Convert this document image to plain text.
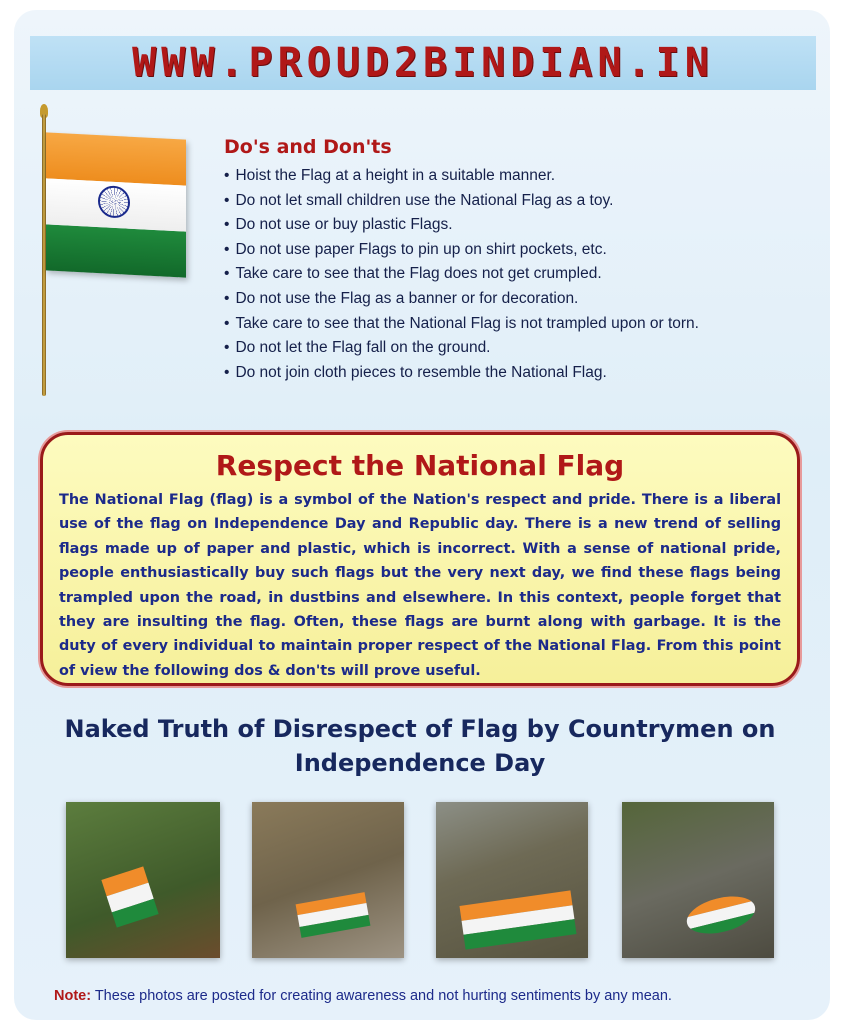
WWW.PROUD2BINDIAN.IN
Do's and Don'ts
• Hoist the Flag at a height in a suitable manner.
• Do not let small children use the National Flag as a toy.
• Do not use or buy plastic Flags.
• Do not use paper Flags to pin up on shirt pockets, etc.
• Take care to see that the Flag does not get crumpled.
• Do not use the Flag as a banner or for decoration.
• Take care to see that the National Flag is not trampled upon or torn.
• Do not let the Flag fall on the ground.
• Do not join cloth pieces to resemble the National Flag.
Respect the National Flag

The National Flag (flag) is a symbol of the Nation's respect and pride. There is a liberal use of the flag on Independence Day and Republic day. There is a new trend of selling flags made up of paper and plastic, which is incorrect. With a sense of national pride, people enthusiastically buy such flags but the very next day, we find these flags being trampled upon the road, in dustbins and elsewhere. In this context, people forget that they are insulting the flag. Often, these flags are burnt along with garbage. It is the duty of every individual to maintain proper respect of the National Flag. From this point of view the following dos & don'ts will prove useful.

Naked Truth of Disrespect of Flag by Countrymen on
Independence Day
Note: These photos are posted for creating awareness and not hurting sentiments by any mean.
